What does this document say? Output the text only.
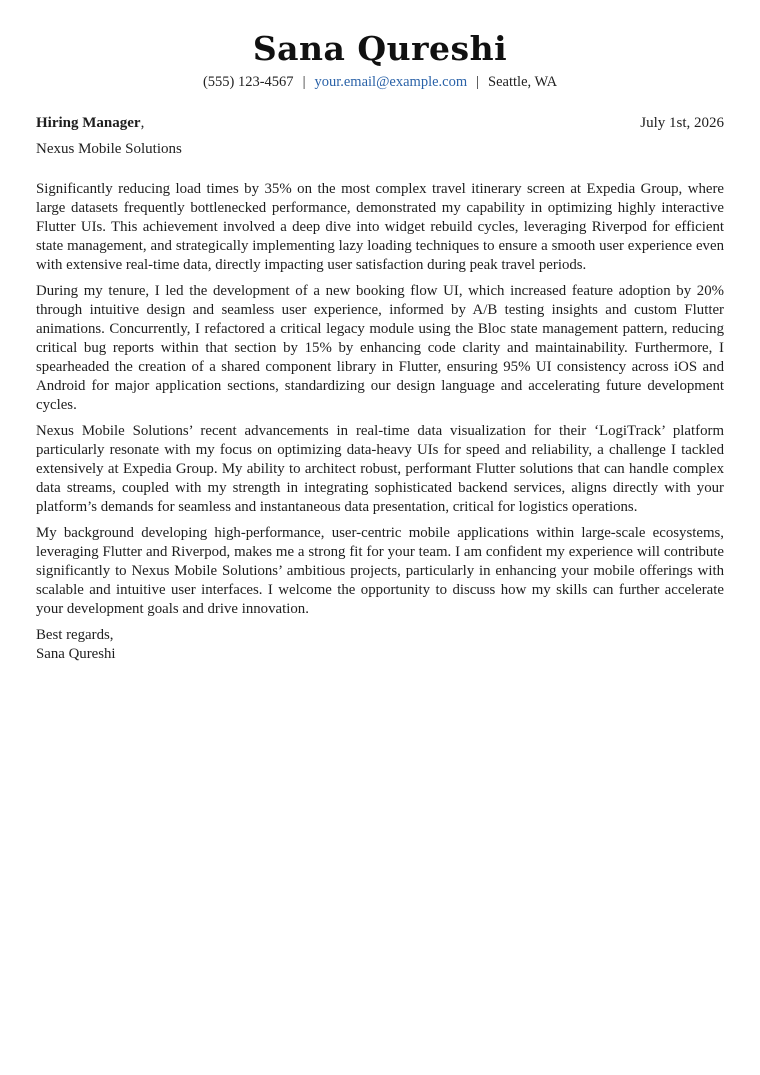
Sana Qureshi
(555) 123-4567 | your.email@example.com | Seattle, WA
Hiring Manager,	July 1st, 2026
Nexus Mobile Solutions

Significantly reducing load times by 35% on the most complex travel itinerary screen at Expedia Group, where large datasets frequently bottlenecked performance, demonstrated my capability in optimizing highly interactive Flutter UIs. This achievement involved a deep dive into widget rebuild cycles, leveraging Riverpod for efficient state management, and strategically implementing lazy loading techniques to ensure a smooth user experience even with extensive real-time data, directly impacting user satisfaction during peak travel periods.

During my tenure, I led the development of a new booking flow UI, which increased feature adoption by 20% through intuitive design and seamless user experience, informed by A/B testing insights and custom Flutter animations. Concurrently, I refactored a critical legacy module using the Bloc state management pattern, reducing critical bug reports within that section by 15% by enhancing code clarity and maintainability. Furthermore, I spearheaded the creation of a shared component library in Flutter, ensuring 95% UI consistency across iOS and Android for major application sections, standardizing our design language and accelerating future development cycles.

Nexus Mobile Solutions’ recent advancements in real-time data visualization for their ‘LogiTrack’ platform particularly resonate with my focus on optimizing data-heavy UIs for speed and reliability, a challenge I tackled extensively at Expedia Group. My ability to architect robust, performant Flutter solutions that can handle complex data streams, coupled with my strength in integrating sophisticated backend services, aligns directly with your platform’s demands for seamless and instantaneous data presentation, critical for logistics operations.

My background developing high-performance, user-centric mobile applications within large-scale ecosystems, leveraging Flutter and Riverpod, makes me a strong fit for your team. I am confident my experience will contribute significantly to Nexus Mobile Solutions’ ambitious projects, particularly in enhancing your mobile offerings with scalable and intuitive user interfaces. I welcome the opportunity to discuss how my skills can further accelerate your development goals and drive innovation.

Best regards,
Sana Qureshi
